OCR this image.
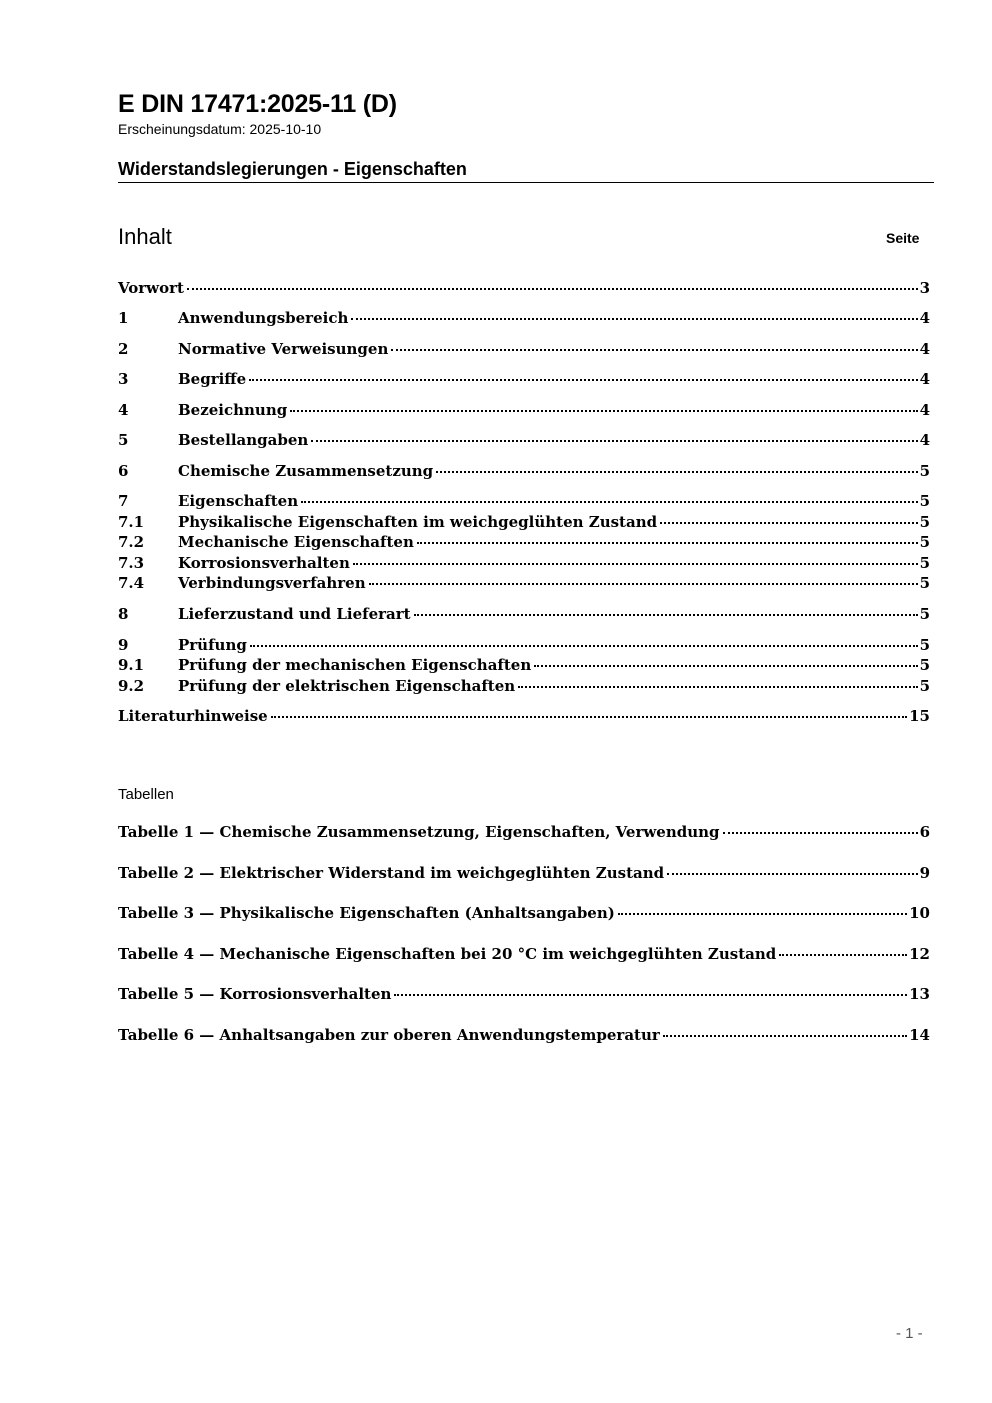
E DIN 17471:2025-11 (D)
Erscheinungsdatum: 2025-10-10
Widerstandslegierungen - Eigenschaften
Inhalt	Seite
Vorwort	3
1	Anwendungsbereich	4
2	Normative Verweisungen	4
3	Begriffe	4
4	Bezeichnung	4
5	Bestellangaben	4
6	Chemische Zusammensetzung	5
7	Eigenschaften	5
7.1	Physikalische Eigenschaften im weichgeglühten Zustand	5
7.2	Mechanische Eigenschaften	5
7.3	Korrosionsverhalten	5
7.4	Verbindungsverfahren	5
8	Lieferzustand und Lieferart	5
9	Prüfung	5
9.1	Prüfung der mechanischen Eigenschaften	5
9.2	Prüfung der elektrischen Eigenschaften	5
Literaturhinweise	15
Tabellen
Tabelle 1 — Chemische Zusammensetzung, Eigenschaften, Verwendung	6
Tabelle 2 — Elektrischer Widerstand im weichgeglühten Zustand	9
Tabelle 3 — Physikalische Eigenschaften (Anhaltsangaben)	10
Tabelle 4 — Mechanische Eigenschaften bei 20 °C im weichgeglühten Zustand	12
Tabelle 5 — Korrosionsverhalten	13
Tabelle 6 — Anhaltsangaben zur oberen Anwendungstemperatur	14
- 1 -
